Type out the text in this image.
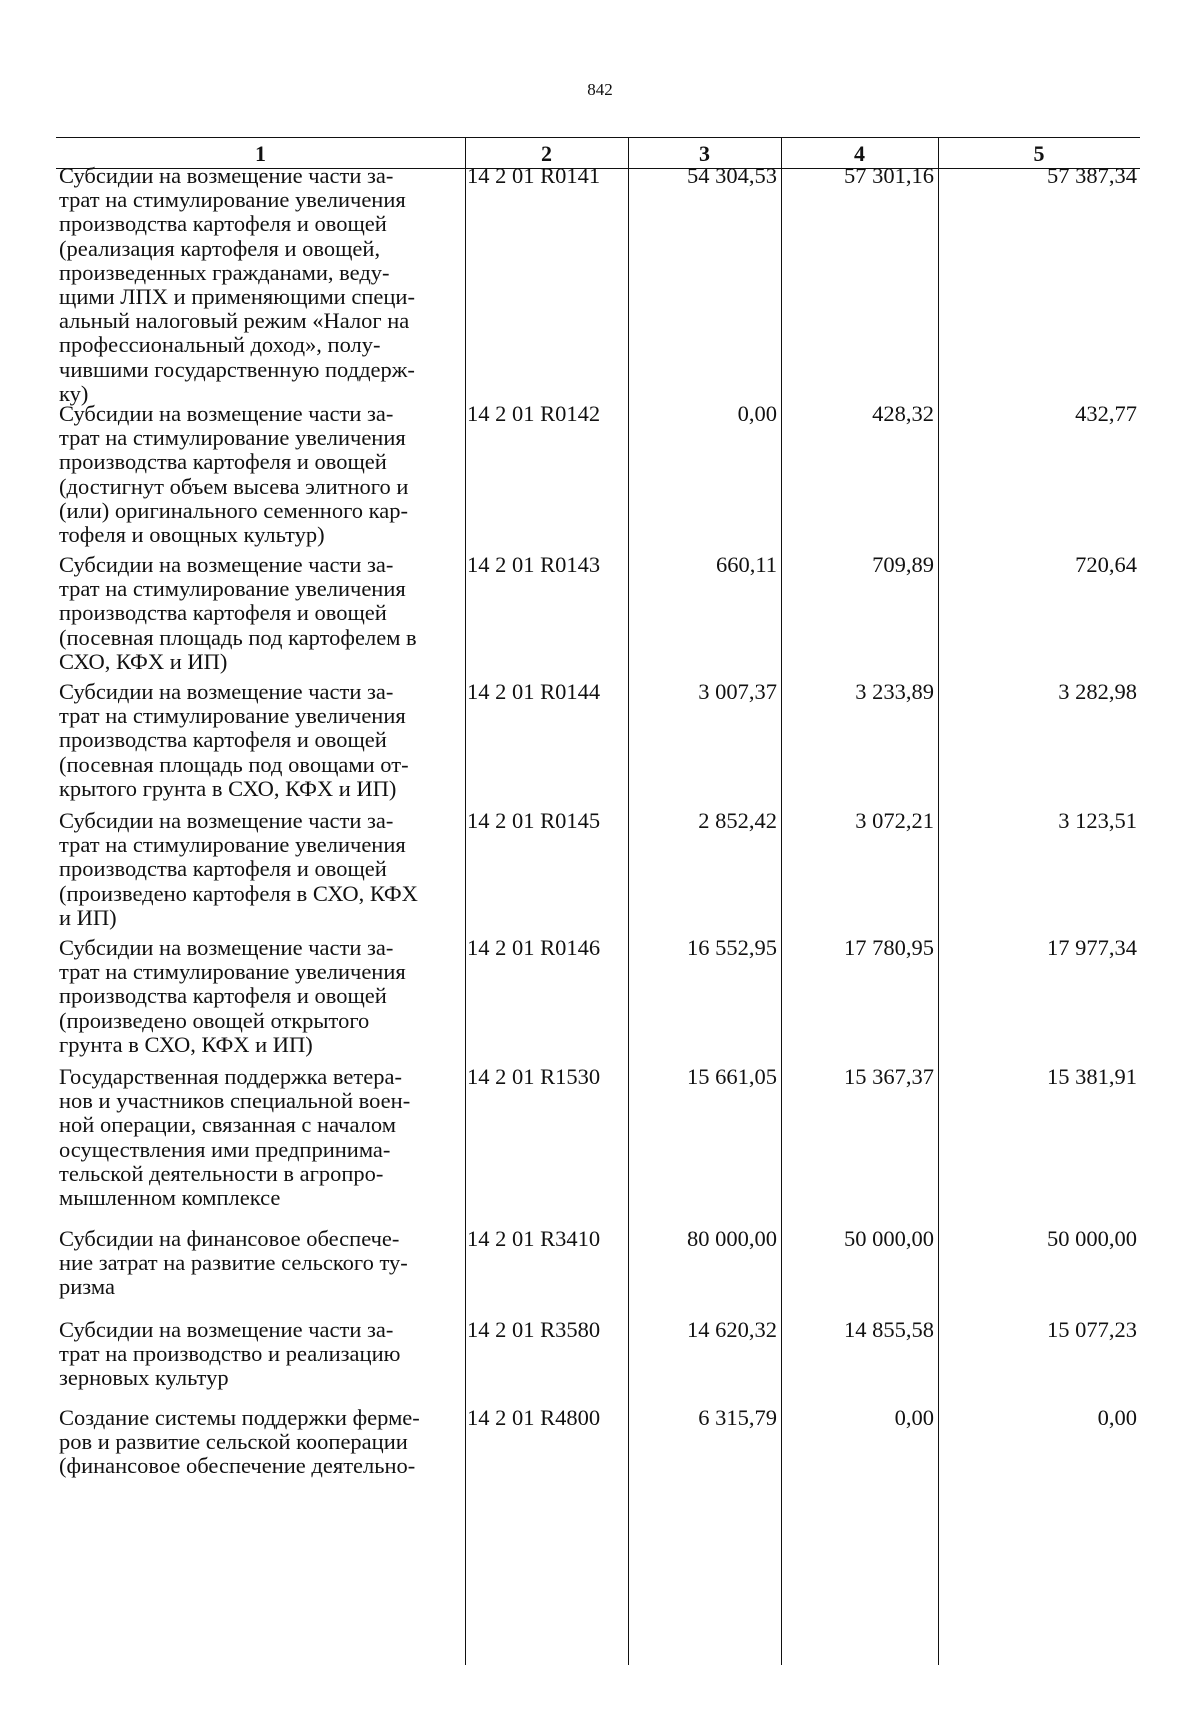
842
1	2	3	4	5
Субсидии на возмещение части за-
трат на стимулирование увеличения
производства картофеля и овощей
(реализация картофеля и овощей,
произведенных гражданами, веду-
щими ЛПХ и применяющими специ-
альный налоговый режим «Налог на
профессиональный доход», полу-
чившими государственную поддерж-
ку)
14 2 01 R0141	54 304,53	57 301,16	57 387,34
Субсидии на возмещение части за-
трат на стимулирование увеличения
производства картофеля и овощей
(достигнут объем высева элитного и
(или) оригинального семенного кар-
тофеля и овощных культур)
14 2 01 R0142	0,00	428,32	432,77
Субсидии на возмещение части за-
трат на стимулирование увеличения
производства картофеля и овощей
(посевная площадь под картофелем в
СХО, КФХ и ИП)
14 2 01 R0143	660,11	709,89	720,64
Субсидии на возмещение части за-
трат на стимулирование увеличения
производства картофеля и овощей
(посевная площадь под овощами от-
крытого грунта в СХО, КФХ и ИП)
14 2 01 R0144	3 007,37	3 233,89	3 282,98
Субсидии на возмещение части за-
трат на стимулирование увеличения
производства картофеля и овощей
(произведено картофеля в СХО, КФХ
и ИП)
14 2 01 R0145	2 852,42	3 072,21	3 123,51
Субсидии на возмещение части за-
трат на стимулирование увеличения
производства картофеля и овощей
(произведено овощей открытого
грунта в СХО, КФХ и ИП)
14 2 01 R0146	16 552,95	17 780,95	17 977,34
Государственная поддержка ветера-
нов и участников специальной воен-
ной операции, связанная с началом
осуществления ими предпринима-
тельской деятельности в агропро-
мышленном комплексе
14 2 01 R1530	15 661,05	15 367,37	15 381,91
Субсидии на финансовое обеспече-
ние затрат на развитие сельского ту-
ризма
14 2 01 R3410	80 000,00	50 000,00	50 000,00
Субсидии на возмещение части за-
трат на производство и реализацию
зерновых культур
14 2 01 R3580	14 620,32	14 855,58	15 077,23
Создание системы поддержки ферме-
ров и развитие сельской кооперации
(финансовое обеспечение деятельно-
14 2 01 R4800	6 315,79	0,00	0,00
